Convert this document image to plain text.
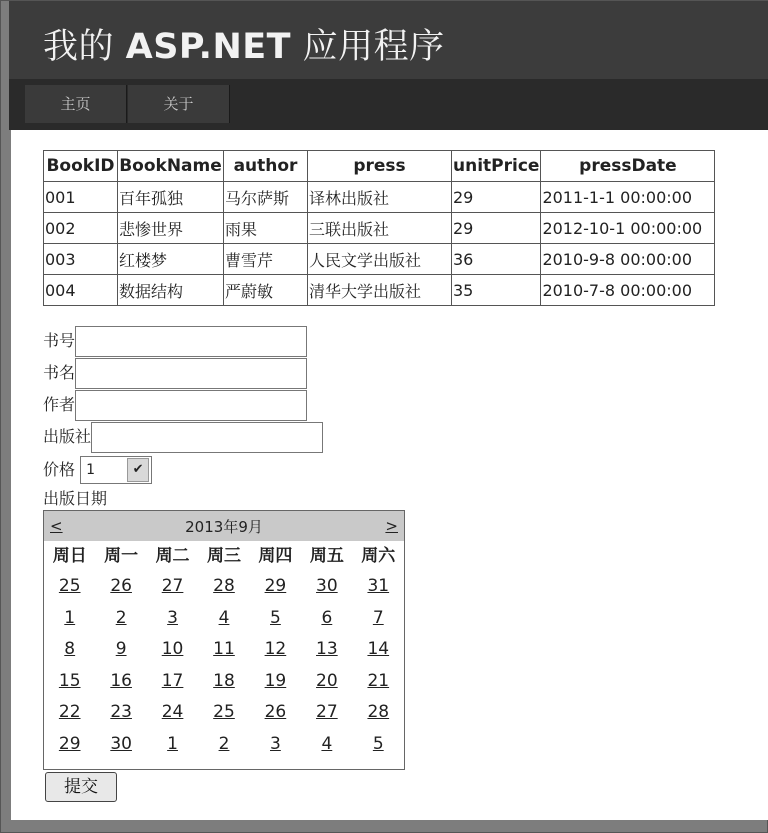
我的 ASP.NET 应用程序
主页	关于
BookID	BookName	author	press	unitPrice	pressDate
001	百年孤独	马尔萨斯	译林出版社	29	2011-1-1 00:00:00
002	悲惨世界	雨果	三联出版社	29	2012-10-1 00:00:00
003	红楼梦	曹雪芹	人民文学出版社	36	2010-9-8 00:00:00
004	数据结构	严蔚敏	清华大学出版社	35	2010-7-8 00:00:00
书号
书名
作者
出版社
价格 1	✔
出版日期
<	2013年9月	>
周日	周一	周二	周三	周四	周五	周六
25	26	27	28	29	30	31
1	2	3	4	5	6	7
8	9	10	11	12	13	14
15	16	17	18	19	20	21
22	23	24	25	26	27	28
29	30	1	2	3	4	5
提交
